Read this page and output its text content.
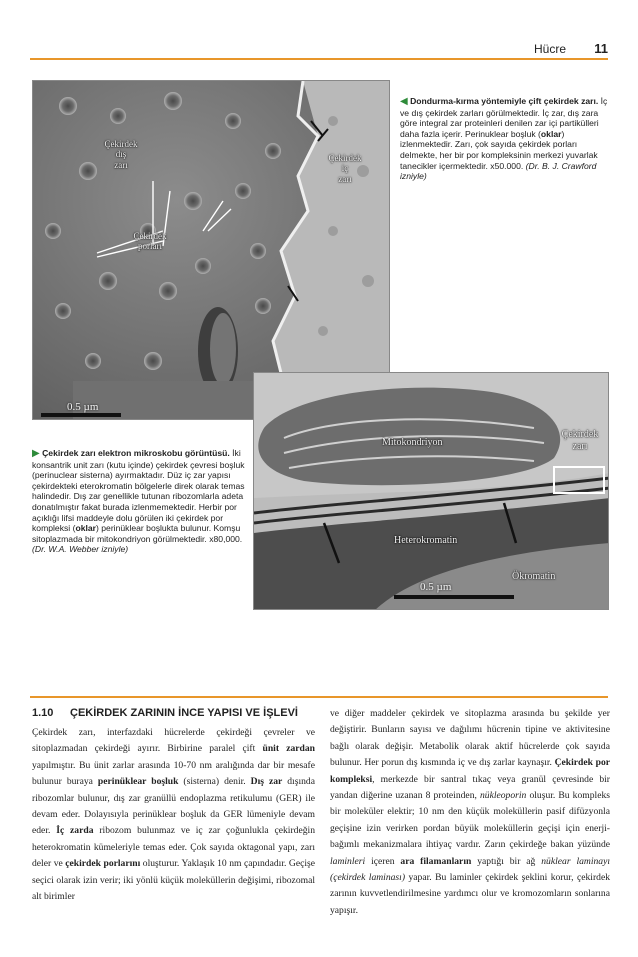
Hücre 11
Çekirdek
dış
zarı
Çekirdek
iç
zarı
Çekirdek
porları
0.5 µm
Mitokondriyon
Çekirdek
zarı
Heterokromatin
Ökromatin
0.5 µm
◀ Dondurma-kırma yöntemiyle çift çekirdek zarı. İç ve dış çekirdek zarları görülmektedir. İç zar, dış zara göre integral zar proteinleri denilen zar içi partikülleri daha fazla içerir. Perinuklear boşluk (oklar) izlenmektedir. Zarı, çok sayıda çekirdek porları delmekte, her bir por kompleksinin merkezi yuvarlak tanecikler içermektedir. x50.000. (Dr. B. J. Crawford izniyle)
▶ Çekirdek zarı elektron mikroskobu görüntüsü. İki konsantrik unit zarı (kutu içinde) çekirdek çevresi boşluk (perinuclear sisterna) ayırmaktadır. Düz iç zar yapısı çekirdekteki eterokromatin bölgelerle direk olarak temas halindedir. Dış zar genellikle tutunan ribozomlarla adeta donatılmıştır fakat burada izlenmemektedir. Herbir por açıklığı lifsi maddeyle dolu görülen iki çekirdek por kompleksi (oklar) perinüklear boşlukta bulunur. Komşu sitoplazmada bir mitokondriyon görülmektedir. x80,000. (Dr. W.A. Webber izniyle)
1.10	ÇEKİRDEK ZARININ İNCE YAPISI VE İŞLEVİ

Çekirdek zarı, interfazdaki hücrelerde çekirdeği çevreler ve sitoplazmadan çekirdeği ayırır. Birbirine paralel çift ünit zardan yapılmıştır. Bu ünit zarlar arasında 10-70 nm aralığında dar bir mesafe bulunur buraya perinüklear boşluk (sisterna) denir. Dış zar dışında ribozomlar bulunur, dış zar granüllü endoplazma retikulumu (GER) ile devam eder. Dolayısıyla perinüklear boşluk da GER lümeniyle devam eder. İç zarda ribozom bulunmaz ve iç zar çoğunlukla çekirdeğin heterokromatin kümeleriyle temas eder. Çok sayıda oktagonal yapı, zarı deler ve çekirdek porlarını oluşturur. Yaklaşık 10 nm çapındadır. Geçişe seçici olarak izin verir; iki yönlü küçük moleküllerin değişimi, ribozomal alt birimler

ve diğer maddeler çekirdek ve sitoplazma arasında bu şekilde yer değiştirir. Bunların sayısı ve dağılımı hücrenin tipine ve aktivitesine bağlı olarak değişir. Metabolik olarak aktif hücrelerde çok sayıda bulunur. Her porun dış kısmında iç ve dış zarlar kaynaşır. Çekirdek por kompleksi, merkezde bir santral tıkaç veya granül çevresinde bir yandan diğerine uzanan 8 proteinden, nükleoporin oluşur. Bu kompleks bir moleküler elektir; 10 nm den küçük moleküllerin pasif difüzyonla geçişine izin verirken pordan büyük moleküllerin geçişi için enerji- bağımlı mekanizmalara ihtiyaç vardır. Zarın çekirdeğe bakan yüzünde laminleri içeren ara filamanların yaptığı bir ağ nüklear laminayı (çekirdek laminası) yapar. Bu laminler çekirdek şeklini korur, çekirdek zarının kuvvetlendirilmesine yardımcı olur ve kromozomların sonlarına yapışır.
